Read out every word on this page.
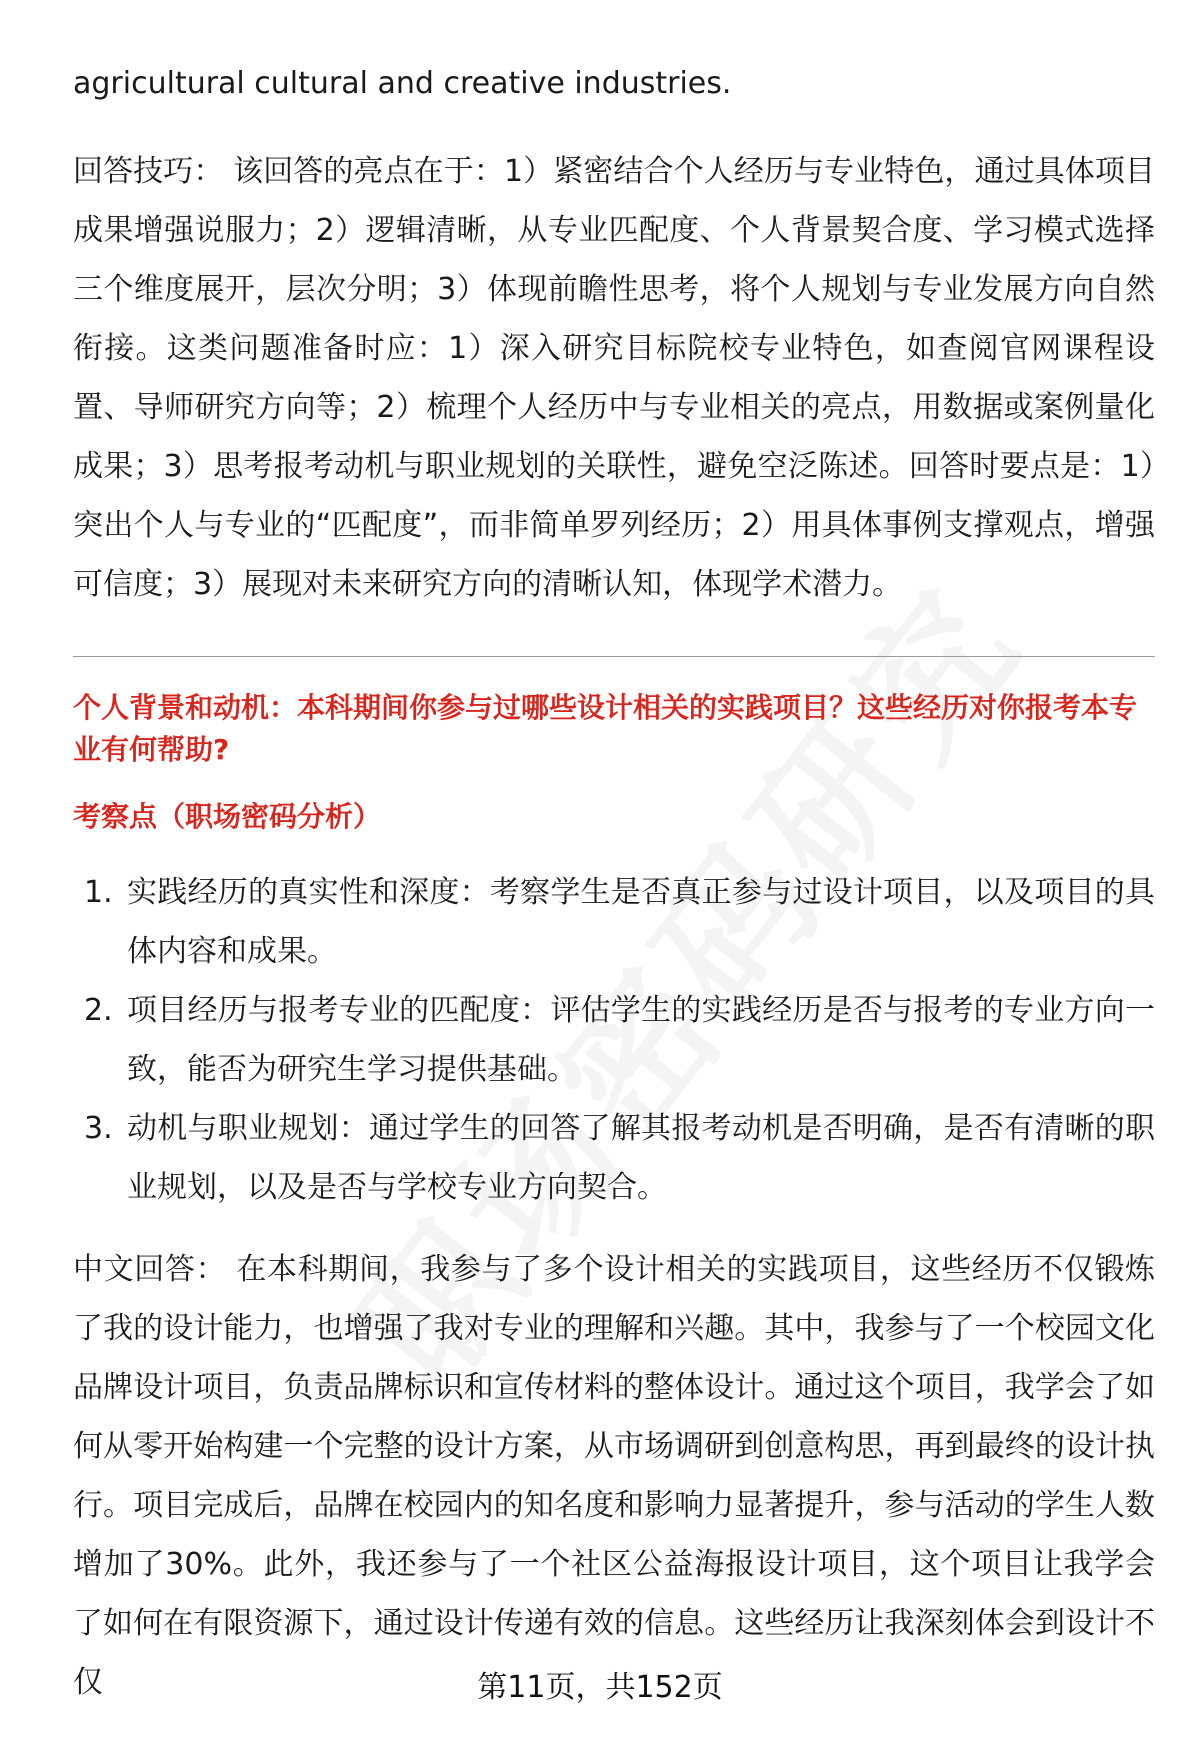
agricultural cultural and creative industries.

回答技巧： 该回答的亮点在于：1）紧密结合个人经历与专业特色，通过具体项目成果增强说服力；2）逻辑清晰，从专业匹配度、个人背景契合度、学习模式选择三个维度展开，层次分明；3）体现前瞻性思考，将个人规划与专业发展方向自然衔接。这类问题准备时应：1）深入研究目标院校专业特色，如查阅官网课程设置、导师研究方向等；2）梳理个人经历中与专业相关的亮点，用数据或案例量化成果；3）思考报考动机与职业规划的关联性，避免空泛陈述。回答时要点是：1）突出个人与专业的“匹配度”，而非简单罗列经历；2）用具体事例支撑观点，增强可信度；3）展现对未来研究方向的清晰认知，体现学术潜力。

个人背景和动机：本科期间你参与过哪些设计相关的实践项目？这些经历对你报考本专业有何帮助?

考察点（职场密码分析）

1. 实践经历的真实性和深度：考察学生是否真正参与过设计项目，以及项目的具体内容和成果。
2. 项目经历与报考专业的匹配度：评估学生的实践经历是否与报考的专业方向一致，能否为研究生学习提供基础。
3. 动机与职业规划：通过学生的回答了解其报考动机是否明确，是否有清晰的职业规划，以及是否与学校专业方向契合。

中文回答： 在本科期间，我参与了多个设计相关的实践项目，这些经历不仅锻炼了我的设计能力，也增强了我对专业的理解和兴趣。其中，我参与了一个校园文化品牌设计项目，负责品牌标识和宣传材料的整体设计。通过这个项目，我学会了如何从零开始构建一个完整的设计方案，从市场调研到创意构思，再到最终的设计执行。项目完成后，品牌在校园内的知名度和影响力显著提升，参与活动的学生人数增加了30%。此外，我还参与了一个社区公益海报设计项目，这个项目让我学会了如何在有限资源下，通过设计传递有效的信息。这些经历让我深刻体会到设计不仅	第11页，共152页
